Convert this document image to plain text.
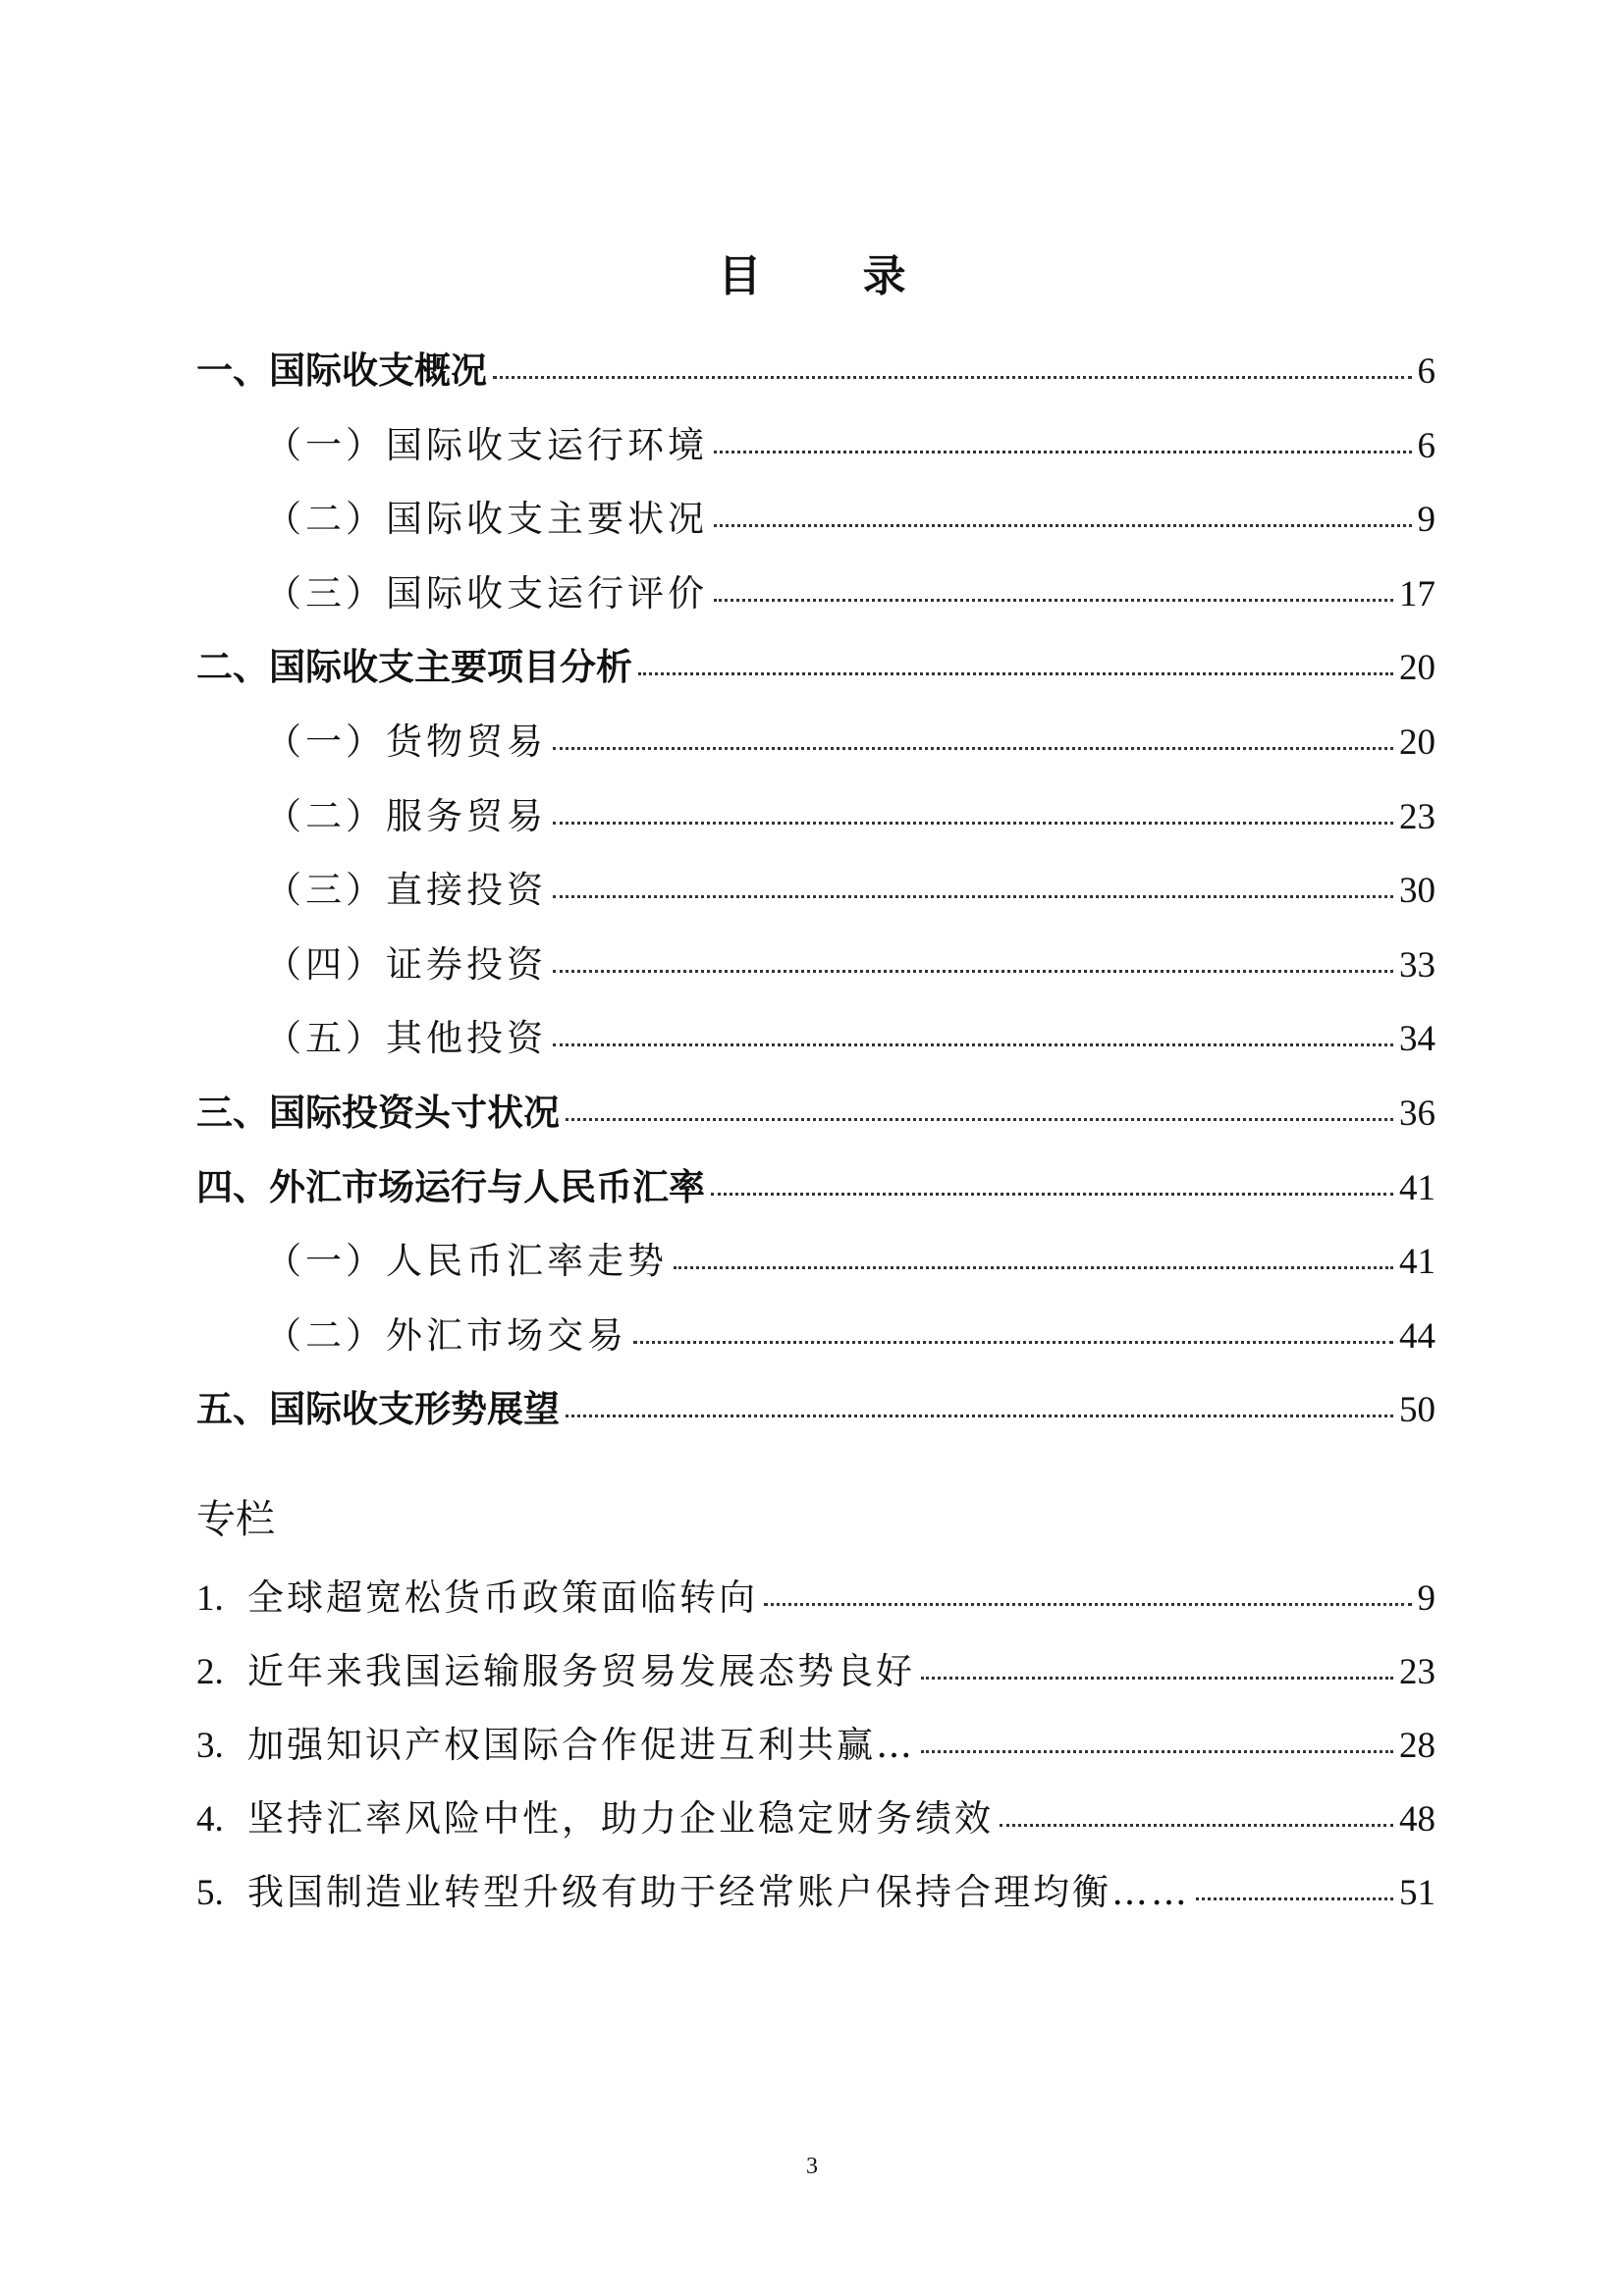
目 录
一、国际收支概况	6
（一）国际收支运行环境	6
（二）国际收支主要状况	9
（三）国际收支运行评价	17
二、国际收支主要项目分析	20
（一）货物贸易	20
（二）服务贸易	23
（三）直接投资	30
（四）证券投资	33
（五）其他投资	34
三、国际投资头寸状况	36
四、外汇市场运行与人民币汇率	41
（一）人民币汇率走势	41
（二）外汇市场交易	44
五、国际收支形势展望	50
专栏
1. 全球超宽松货币政策面临转向	9
2. 近年来我国运输服务贸易发展态势良好	23
3. 加强知识产权国际合作促进互利共赢…	28
4. 坚持汇率风险中性，助力企业稳定财务绩效	48
5. 我国制造业转型升级有助于经常账户保持合理均衡……	51
3
